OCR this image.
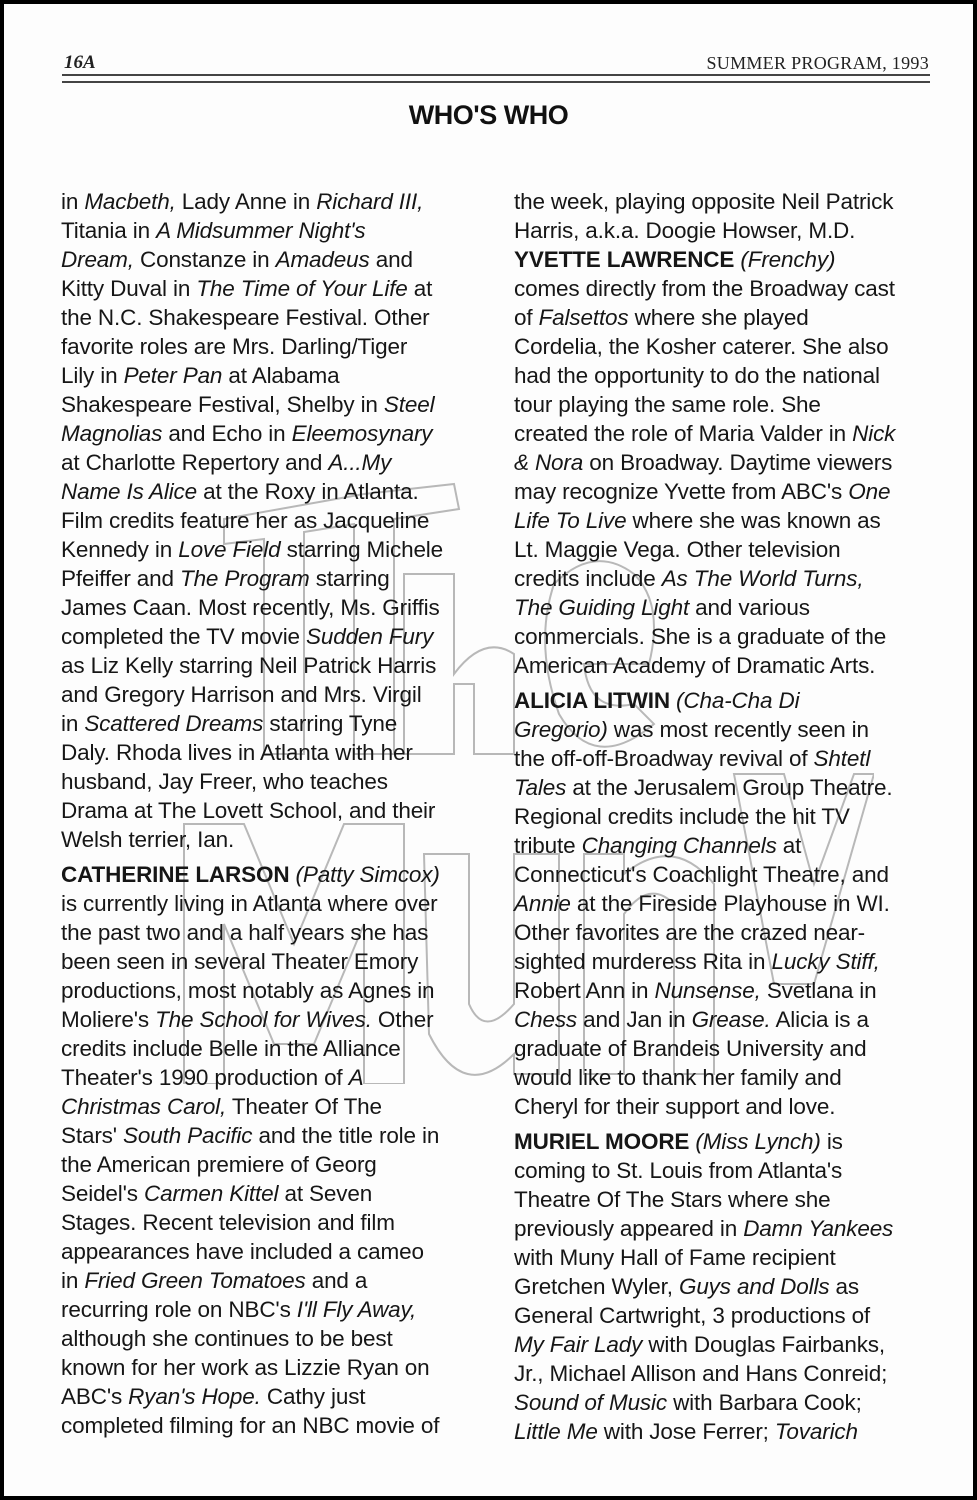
16A	SUMMER PROGRAM, 1993
WHO'S WHO
in Macbeth, Lady Anne in Richard III,
Titania in A Midsummer Night's
Dream, Constanze in Amadeus and
Kitty Duval in The Time of Your Life at
the N.C. Shakespeare Festival. Other
favorite roles are Mrs. Darling/Tiger
Lily in Peter Pan at Alabama
Shakespeare Festival, Shelby in Steel
Magnolias and Echo in Eleemosynary
at Charlotte Repertory and A...My
Name Is Alice at the Roxy in Atlanta.
Film credits feature her as Jacqueline
Kennedy in Love Field starring Michele
Pfeiffer and The Program starring
James Caan. Most recently, Ms. Griffis
completed the TV movie Sudden Fury
as Liz Kelly starring Neil Patrick Harris
and Gregory Harrison and Mrs. Virgil
in Scattered Dreams starring Tyne
Daly. Rhoda lives in Atlanta with her
husband, Jay Freer, who teaches
Drama at The Lovett School, and their
Welsh terrier, Ian.
CATHERINE LARSON (Patty Simcox)
is currently living in Atlanta where over
the past two and a half years she has
been seen in several Theater Emory
productions, most notably as Agnes in
Moliere's The School for Wives. Other
credits include Belle in the Alliance
Theater's 1990 production of A
Christmas Carol, Theater Of The
Stars' South Pacific and the title role in
the American premiere of Georg
Seidel's Carmen Kittel at Seven
Stages. Recent television and film
appearances have included a cameo
in Fried Green Tomatoes and a
recurring role on NBC's I'll Fly Away,
although she continues to be best
known for her work as Lizzie Ryan on
ABC's Ryan's Hope. Cathy just
completed filming for an NBC movie of
the week, playing opposite Neil Patrick
Harris, a.k.a. Doogie Howser, M.D.
YVETTE LAWRENCE (Frenchy)
comes directly from the Broadway cast
of Falsettos where she played
Cordelia, the Kosher caterer. She also
had the opportunity to do the national
tour playing the same role. She
created the role of Maria Valder in Nick
& Nora on Broadway. Daytime viewers
may recognize Yvette from ABC's One
Life To Live where she was known as
Lt. Maggie Vega. Other television
credits include As The World Turns,
The Guiding Light and various
commercials. She is a graduate of the
American Academy of Dramatic Arts.
ALICIA LITWIN (Cha-Cha Di
Gregorio) was most recently seen in
the off-off-Broadway revival of Shtetl
Tales at the Jerusalem Group Theatre.
Regional credits include the hit TV
tribute Changing Channels at
Connecticut's Coachlight Theatre, and
Annie at the Fireside Playhouse in WI.
Other favorites are the crazed near-
sighted murderess Rita in Lucky Stiff,
Robert Ann in Nunsense, Svetlana in
Chess and Jan in Grease. Alicia is a
graduate of Brandeis University and
would like to thank her family and
Cheryl for their support and love.
MURIEL MOORE (Miss Lynch) is
coming to St. Louis from Atlanta's
Theatre Of The Stars where she
previously appeared in Damn Yankees
with Muny Hall of Fame recipient
Gretchen Wyler, Guys and Dolls as
General Cartwright, 3 productions of
My Fair Lady with Douglas Fairbanks,
Jr., Michael Allison and Hans Conreid;
Sound of Music with Barbara Cook;
Little Me with Jose Ferrer; Tovarich
